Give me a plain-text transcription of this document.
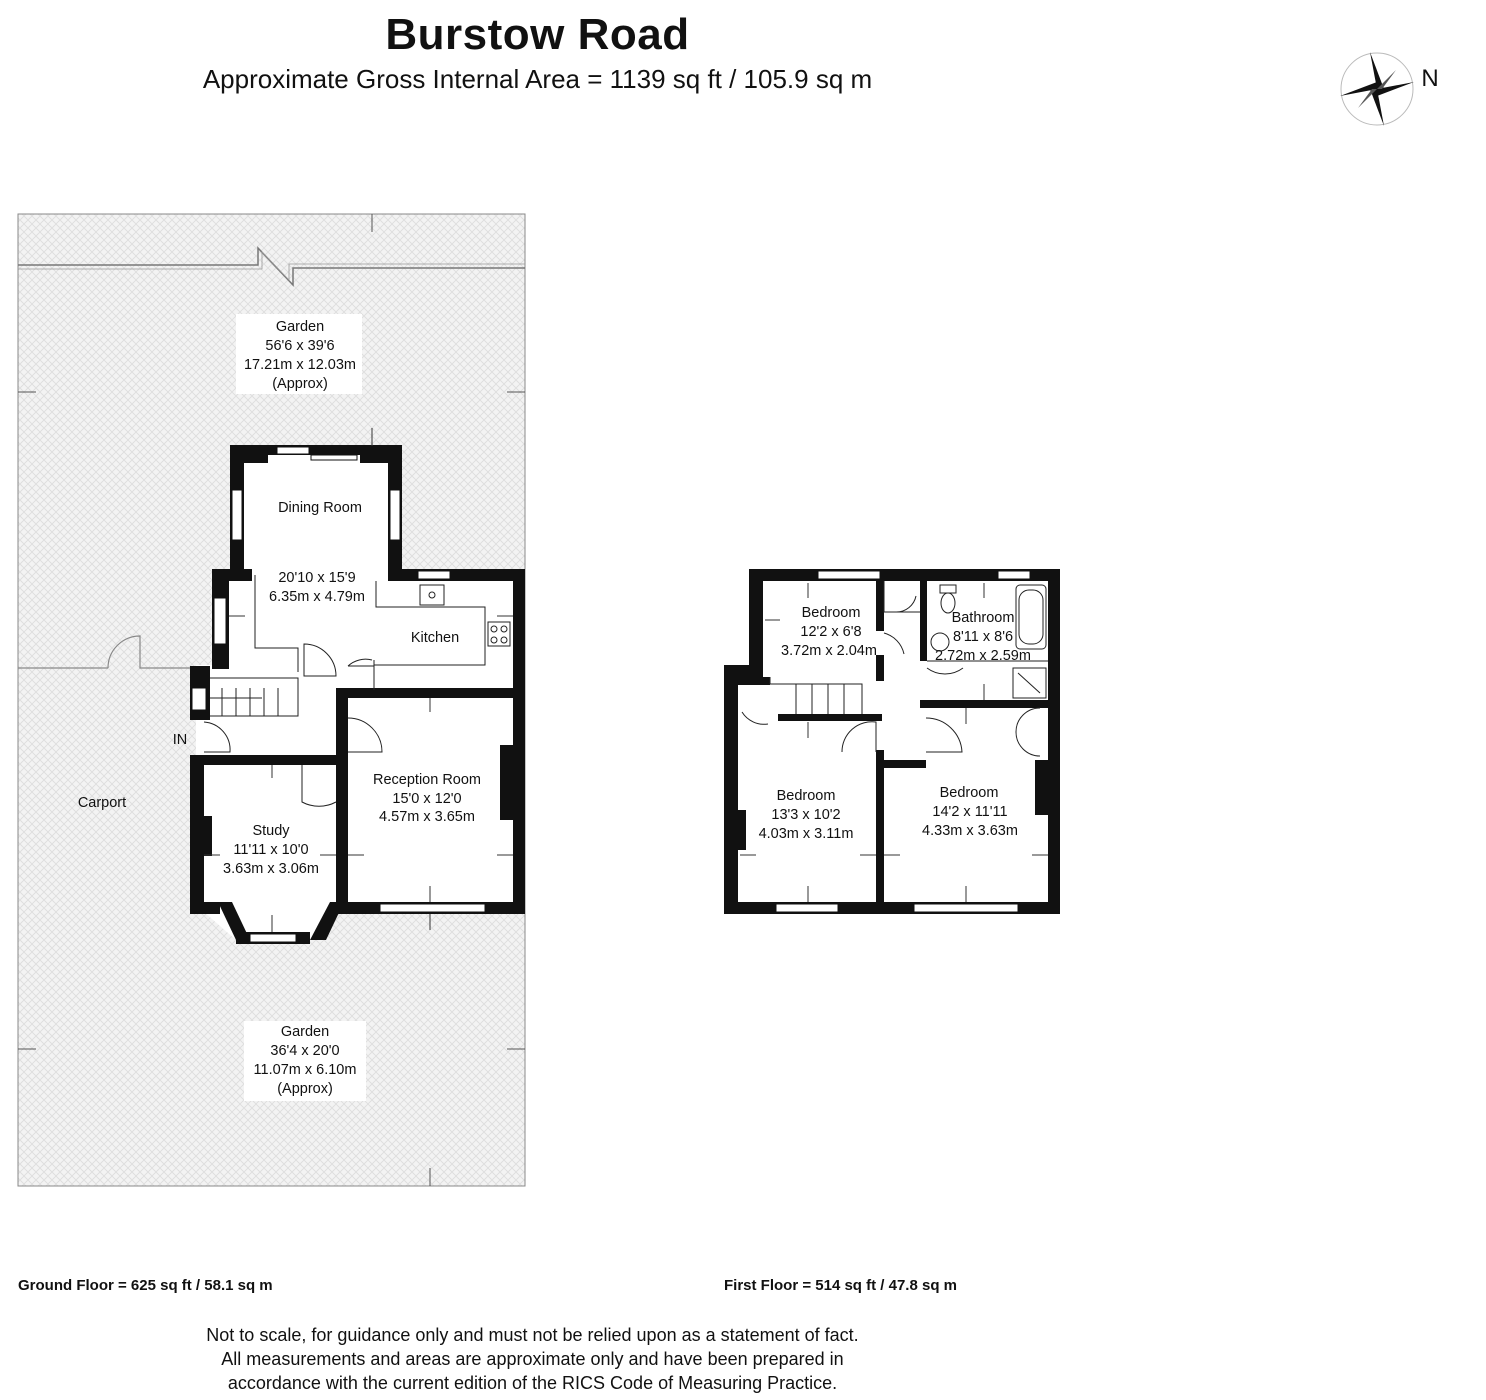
Burstow Road
Approximate Gross Internal Area = 1139 sq ft / 105.9 sq m	N
Garden
56'6 x 39'6
17.21m x 12.03m
(Approx)
Dining Room
20'10 x 15'9
6.35m x 4.79m
Kitchen
IN
Carport
Reception Room
15'0 x 12'0
4.57m x 3.65m
Study
11'11 x 10'0
3.63m x 3.06m
Garden
36'4 x 20'0
11.07m x 6.10m
(Approx)
Bedroom
12'2 x 6'8
3.72m x 2.04m
Bathroom
8'11 x 8'6
2.72m x 2.59m
Bedroom
13'3 x 10'2
4.03m x 3.11m
Bedroom
14'2 x 11'11
4.33m x 3.63m
Ground Floor = 625 sq ft / 58.1 sq m	First Floor = 514 sq ft / 47.8 sq m
Not to scale, for guidance only and must not be relied upon as a statement of fact.
All measurements and areas are approximate only and have been prepared in
accordance with the current edition of the RICS Code of Measuring Practice.
